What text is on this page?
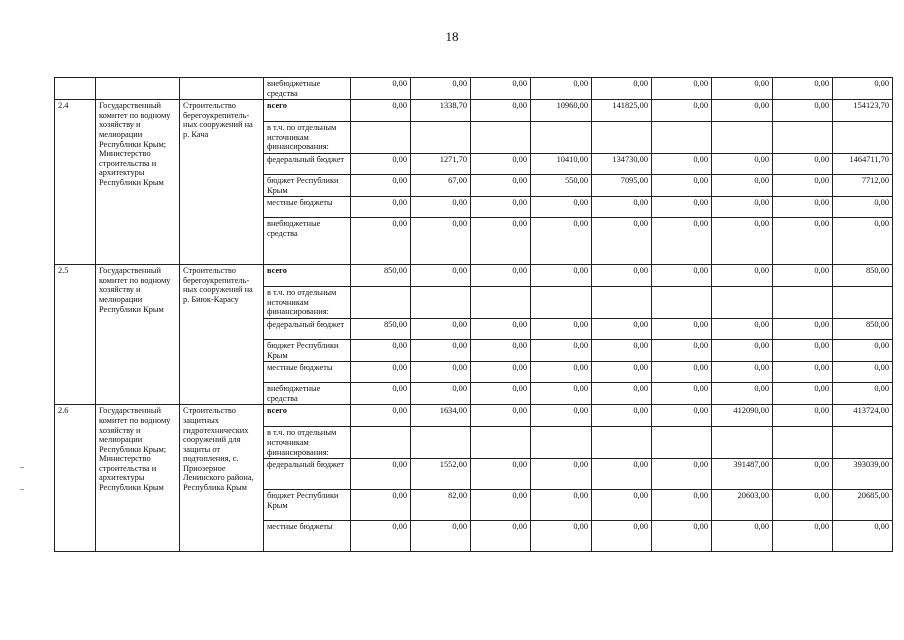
18
			внебюджетные средства	0,00	0,00	0,00	0,00	0,00	0,00	0,00	0,00	0,00
2.4	Государственный комитет по водному хозяйству и мелиорации Республики Крым; Министерство строительства и архитектуры Республики Крым	Строительство берегоукрепитель-ных сооружений на р. Кача	всего	0,00	1338,70	0,00	10960,00	141825,00	0,00	0,00	0,00	154123,70
			в т.ч. по отдельным источникам финансирования:									
			федеральный бюджет	0,00	1271,70	0,00	10410,00	134730,00	0,00	0,00	0,00	1464711,70
			бюджет Республики Крым	0,00	67,00	0,00	550,00	7095,00	0,00	0,00	0,00	7712,00
			местные бюджеты	0,00	0,00	0,00	0,00	0,00	0,00	0,00	0,00	0,00
			внебюджетные средства	0,00	0,00	0,00	0,00	0,00	0,00	0,00	0,00	0,00
2.5	Государственный комитет по водному хозяйству и мелиорации Республики Крым	Строительство берегоукрепитель-ных сооружений на р. Биюк-Карасу	всего	850,00	0,00	0,00	0,00	0,00	0,00	0,00	0,00	850,00
			в т.ч. по отдельным источникам финансирования:									
			федеральный бюджет	850,00	0,00	0,00	0,00	0,00	0,00	0,00	0,00	850,00
			бюджет Республики Крым	0,00	0,00	0,00	0,00	0,00	0,00	0,00	0,00	0,00
			местные бюджеты	0,00	0,00	0,00	0,00	0,00	0,00	0,00	0,00	0,00
			внебюджетные средства	0,00	0,00	0,00	0,00	0,00	0,00	0,00	0,00	0,00
2.6	Государственный комитет по водному хозяйству и мелиорации Республики Крым; Министерство строительства и архитектуры Республики Крым	Строительство защитных гидротехнических сооружений для защиты от подтопления, с. Приозерное Ленинского района, Республика Крым	всего	0,00	1634,00	0,00	0,00	0,00	0,00	412090,00	0,00	413724,00
			в т.ч. по отдельным источникам финансирования:									
			федеральный бюджет	0,00	1552,00	0,00	0,00	0,00	0,00	391487,00	0,00	393039,00
			бюджет Республики Крым	0,00	82,00	0,00	0,00	0,00	0,00	20603,00	0,00	20685,00
			местные бюджеты	0,00	0,00	0,00	0,00	0,00	0,00	0,00	0,00	0,00
